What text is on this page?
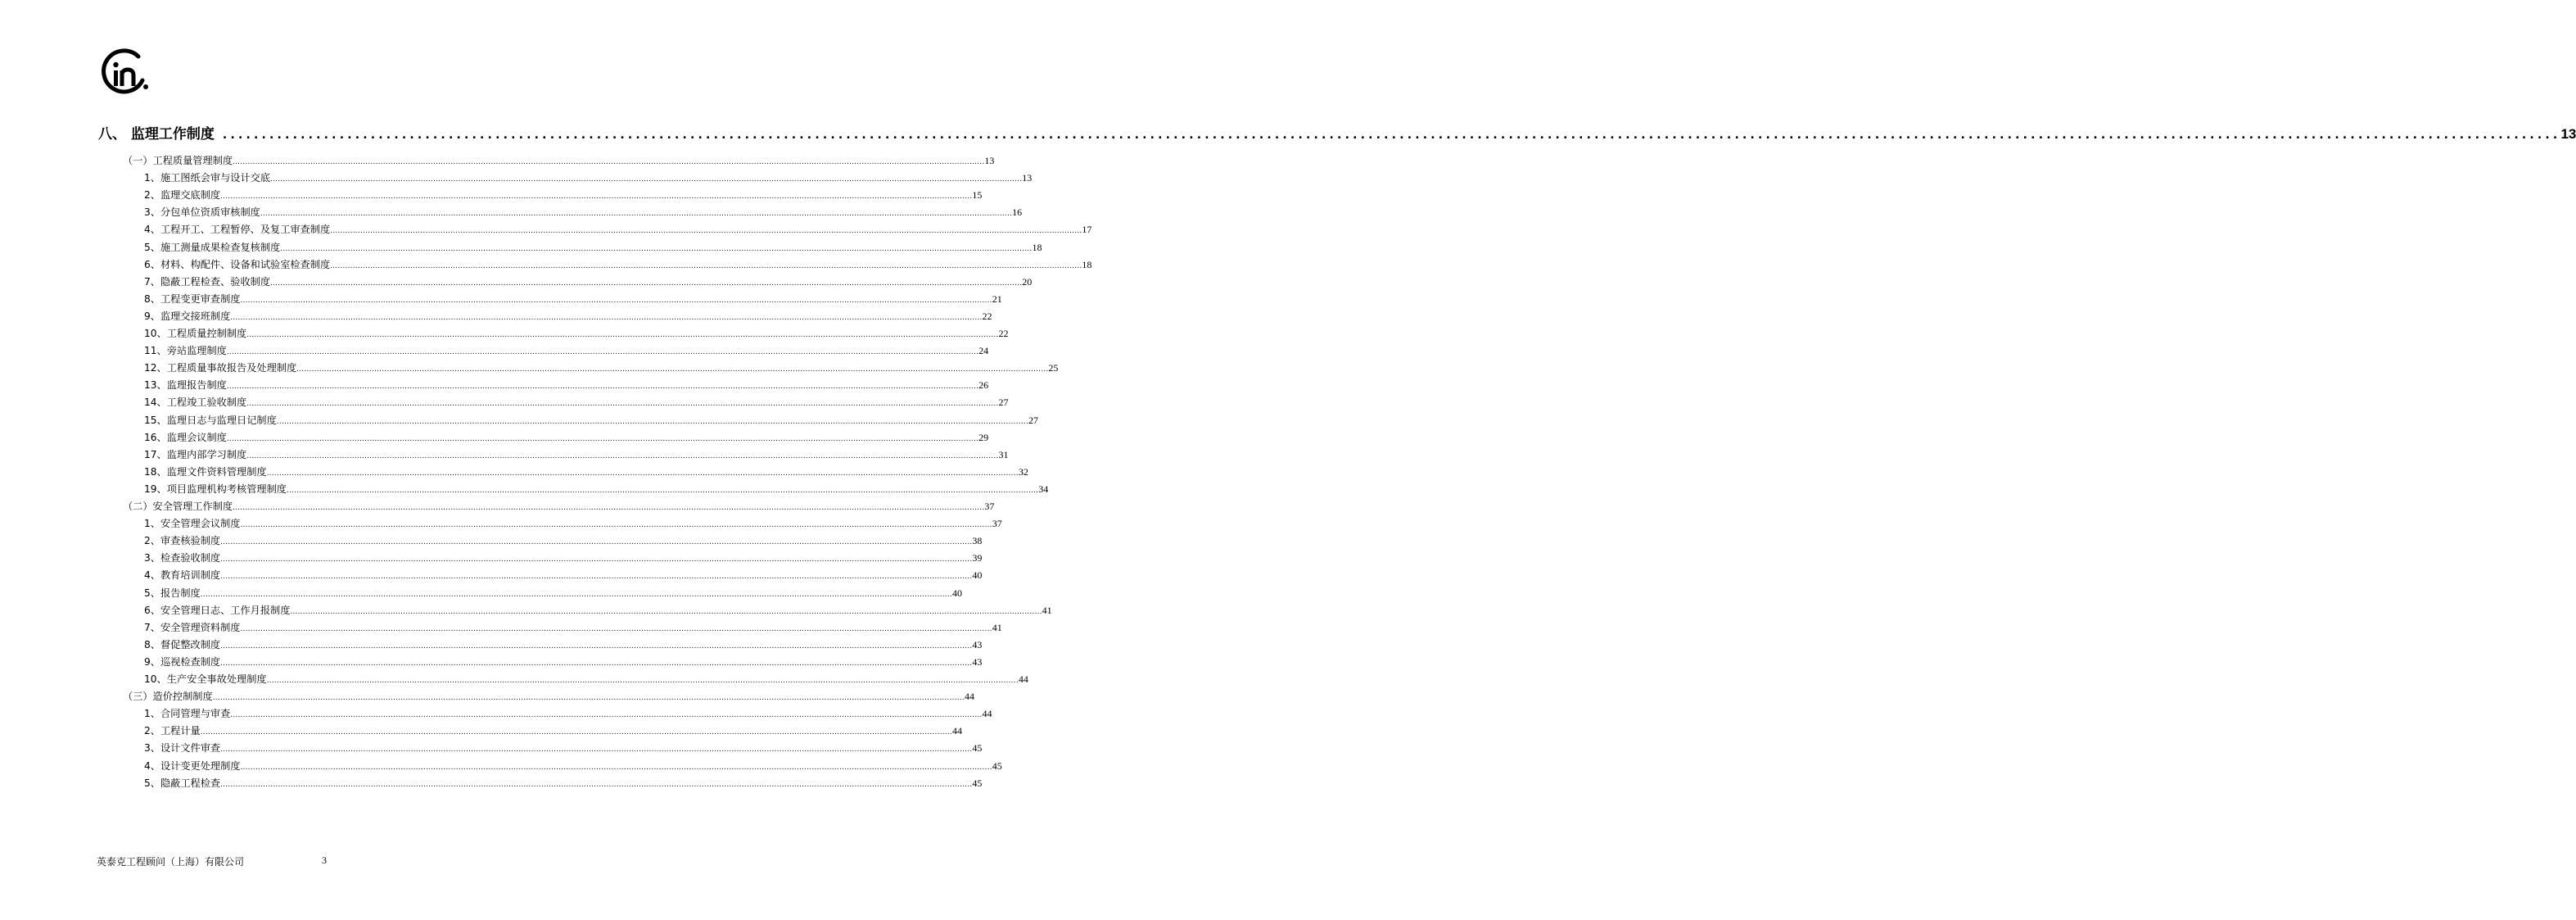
八、 监理工作制度 ............................................................................................................................................................................................................................................................................................................ 13
（一）工程质量管理制度 ............................................................................................................................................................................................................................................................................................................ 13
1、施工图纸会审与设计交底 ............................................................................................................................................................................................................................................................................................................ 13
2、监理交底制度 ............................................................................................................................................................................................................................................................................................................ 15
3、分包单位资质审核制度 ............................................................................................................................................................................................................................................................................................................ 16
4、工程开工、工程暂停、及复工审查制度 ............................................................................................................................................................................................................................................................................................................ 17
5、施工测量成果检查复核制度 ............................................................................................................................................................................................................................................................................................................ 18
6、材料、构配件、设备和试验室检查制度 ............................................................................................................................................................................................................................................................................................................ 18
7、隐蔽工程检查、验收制度 ............................................................................................................................................................................................................................................................................................................ 20
8、工程变更审查制度 ............................................................................................................................................................................................................................................................................................................ 21
9、监理交接班制度 ............................................................................................................................................................................................................................................................................................................ 22
10、工程质量控制制度 ............................................................................................................................................................................................................................................................................................................ 22
11、旁站监理制度 ............................................................................................................................................................................................................................................................................................................ 24
12、工程质量事故报告及处理制度 ............................................................................................................................................................................................................................................................................................................ 25
13、监理报告制度 ............................................................................................................................................................................................................................................................................................................ 26
14、工程竣工验收制度 ............................................................................................................................................................................................................................................................................................................ 27
15、监理日志与监理日记制度 ............................................................................................................................................................................................................................................................................................................ 27
16、监理会议制度 ............................................................................................................................................................................................................................................................................................................ 29
17、监理内部学习制度 ............................................................................................................................................................................................................................................................................................................ 31
18、监理文件资料管理制度 ............................................................................................................................................................................................................................................................................................................ 32
19、项目监理机构考核管理制度 ............................................................................................................................................................................................................................................................................................................ 34
（二）安全管理工作制度 ............................................................................................................................................................................................................................................................................................................ 37
1、安全管理会议制度 ............................................................................................................................................................................................................................................................................................................ 37
2、审查核验制度 ............................................................................................................................................................................................................................................................................................................ 38
3、检查验收制度 ............................................................................................................................................................................................................................................................................................................ 39
4、教育培训制度 ............................................................................................................................................................................................................................................................................................................ 40
5、报告制度 ............................................................................................................................................................................................................................................................................................................ 40
6、安全管理日志、工作月报制度 ............................................................................................................................................................................................................................................................................................................ 41
7、安全管理资料制度 ............................................................................................................................................................................................................................................................................................................ 41
8、督促整改制度 ............................................................................................................................................................................................................................................................................................................ 43
9、巡视检查制度 ............................................................................................................................................................................................................................................................................................................ 43
10、生产安全事故处理制度 ............................................................................................................................................................................................................................................................................................................ 44
（三）造价控制制度 ............................................................................................................................................................................................................................................................................................................ 44
1、合同管理与审查 ............................................................................................................................................................................................................................................................................................................ 44
2、工程计量 ............................................................................................................................................................................................................................................................................................................ 44
3、设计文件审查 ............................................................................................................................................................................................................................................................................................................ 45
4、设计变更处理制度 ............................................................................................................................................................................................................................................................................................................ 45
5、隐蔽工程检查 ............................................................................................................................................................................................................................................................................................................ 45
英泰克工程顾问（上海）有限公司	3
